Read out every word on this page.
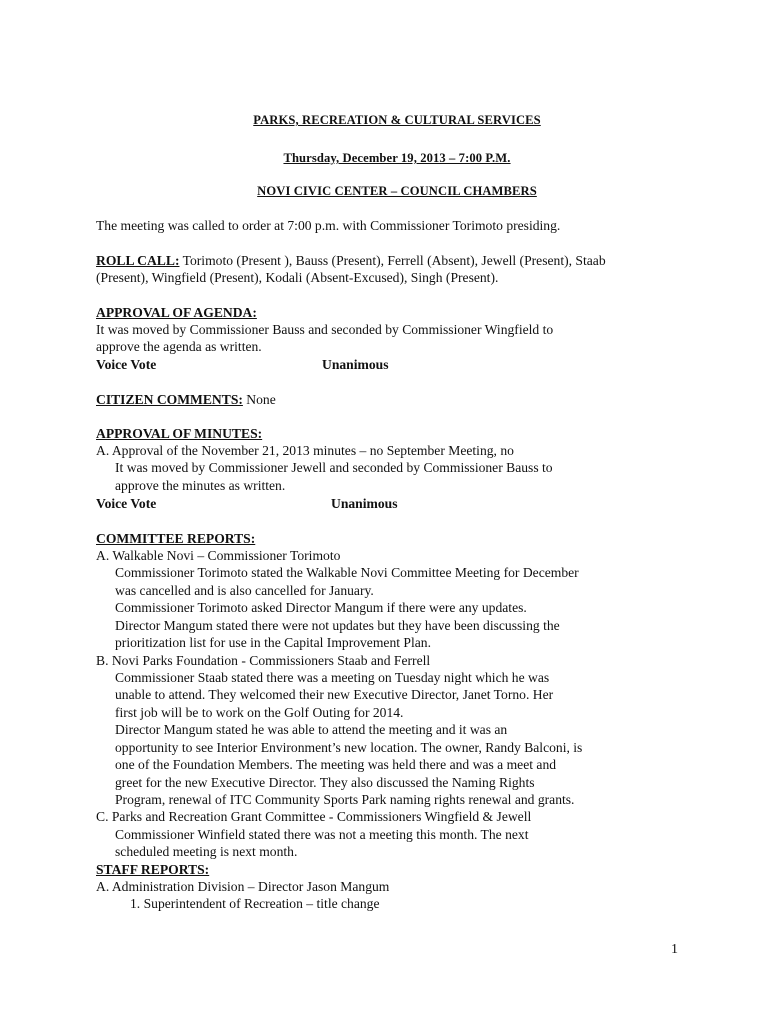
PARKS, RECREATION & CULTURAL SERVICES
Thursday, December 19, 2013 – 7:00 P.M.
NOVI CIVIC CENTER – COUNCIL CHAMBERS
The meeting was called to order at 7:00 p.m. with Commissioner Torimoto presiding.
ROLL CALL: Torimoto (Present ), Bauss (Present), Ferrell (Absent), Jewell (Present), Staab
(Present), Wingfield (Present), Kodali (Absent-Excused), Singh (Present).
APPROVAL OF AGENDA:
It was moved by Commissioner Bauss and seconded by Commissioner Wingfield to
approve the agenda as written.
Voice Vote	Unanimous
CITIZEN COMMENTS: None
APPROVAL OF MINUTES:
A. Approval of the November 21, 2013 minutes – no September Meeting, no
It was moved by Commissioner Jewell and seconded by Commissioner Bauss to
approve the minutes as written.
Voice Vote	Unanimous
COMMITTEE REPORTS:
A. Walkable Novi – Commissioner Torimoto
Commissioner Torimoto stated the Walkable Novi Committee Meeting for December
was cancelled and is also cancelled for January.
Commissioner Torimoto asked Director Mangum if there were any updates.
Director Mangum stated there were not updates but they have been discussing the
prioritization list for use in the Capital Improvement Plan.
B. Novi Parks Foundation - Commissioners Staab and Ferrell
Commissioner Staab stated there was a meeting on Tuesday night which he was
unable to attend. They welcomed their new Executive Director, Janet Torno. Her
first job will be to work on the Golf Outing for 2014.
Director Mangum stated he was able to attend the meeting and it was an
opportunity to see Interior Environment’s new location. The owner, Randy Balconi, is
one of the Foundation Members. The meeting was held there and was a meet and
greet for the new Executive Director. They also discussed the Naming Rights
Program, renewal of ITC Community Sports Park naming rights renewal and grants.
C. Parks and Recreation Grant Committee - Commissioners Wingfield & Jewell
Commissioner Winfield stated there was not a meeting this month. The next
scheduled meeting is next month.
STAFF REPORTS:
A. Administration Division – Director Jason Mangum
1. Superintendent of Recreation – title change
1
